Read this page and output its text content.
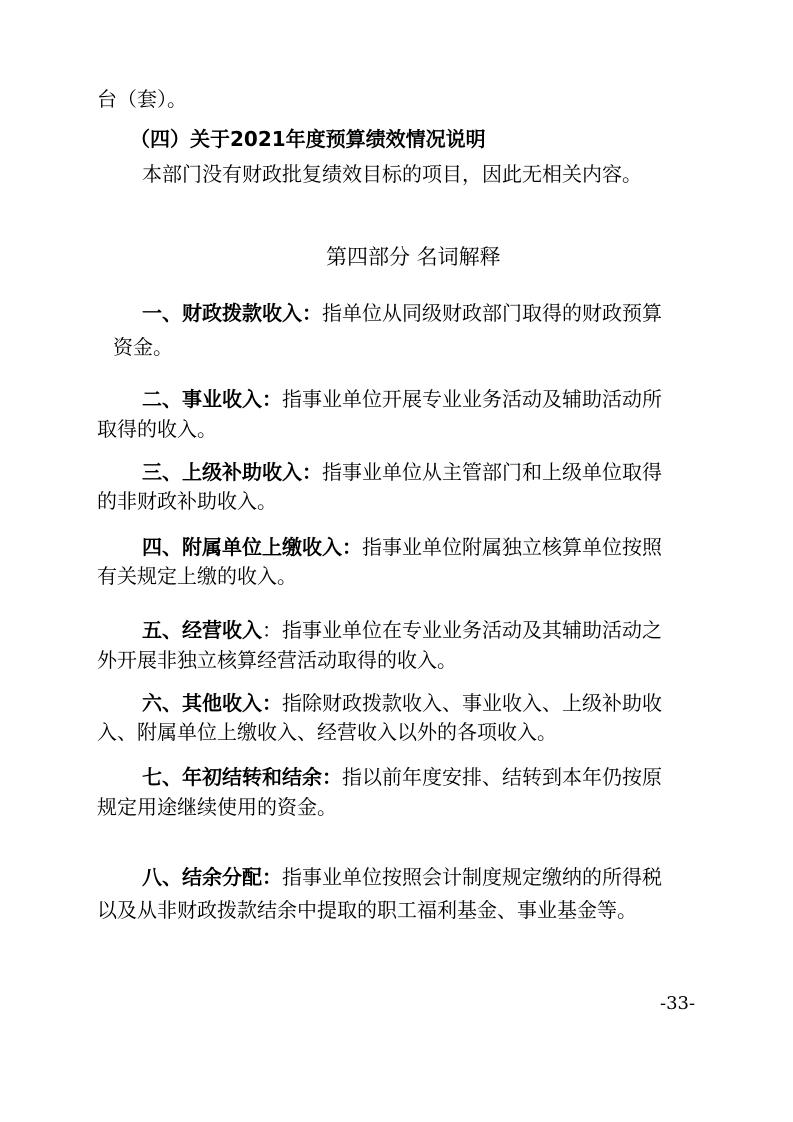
台（套）。
（四）关于2021年度预算绩效情况说明
本部门没有财政批复绩效目标的项目，因此无相关内容。
第四部分 名词解释
一、财政拨款收入：指单位从同级财政部门取得的财政预算
资金。
二、事业收入：指事业单位开展专业业务活动及辅助活动所
取得的收入。
三、上级补助收入：指事业单位从主管部门和上级单位取得
的非财政补助收入。
四、附属单位上缴收入：指事业单位附属独立核算单位按照
有关规定上缴的收入。
五、经营收入：指事业单位在专业业务活动及其辅助活动之
外开展非独立核算经营活动取得的收入。
六、其他收入：指除财政拨款收入、事业收入、上级补助收
入、附属单位上缴收入、经营收入以外的各项收入。
七、年初结转和结余：指以前年度安排、结转到本年仍按原
规定用途继续使用的资金。
八、结余分配：指事业单位按照会计制度规定缴纳的所得税
以及从非财政拨款结余中提取的职工福利基金、事业基金等。
-33-
